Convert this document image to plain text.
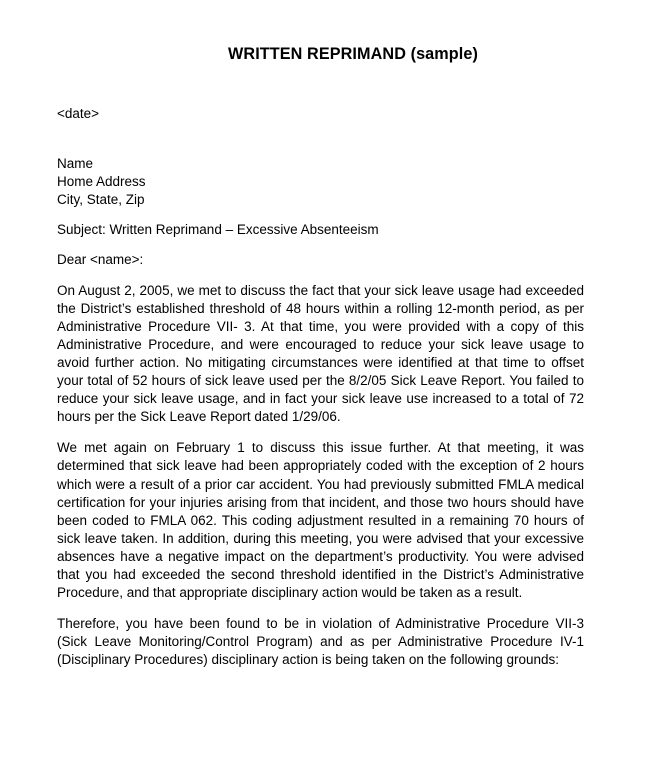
WRITTEN REPRIMAND (sample)
<date>
Name
Home Address
City, State, Zip
Subject: Written Reprimand – Excessive Absenteeism
Dear <name>:

On August 2, 2005, we met to discuss the fact that your sick leave usage had exceeded the District’s established threshold of 48 hours within a rolling 12-month period, as per Administrative Procedure VII- 3. At that time, you were provided with a copy of this Administrative Procedure, and were encouraged to reduce your sick leave usage to avoid further action. No mitigating circumstances were identified at that time to offset your total of 52 hours of sick leave used per the 8/2/05 Sick Leave Report. You failed to reduce your sick leave usage, and in fact your sick leave use increased to a total of 72 hours per the Sick Leave Report dated 1/29/06.

We met again on February 1 to discuss this issue further. At that meeting, it was determined that sick leave had been appropriately coded with the exception of 2 hours which were a result of a prior car accident. You had previously submitted FMLA medical certification for your injuries arising from that incident, and those two hours should have been coded to FMLA 062. This coding adjustment resulted in a remaining 70 hours of sick leave taken. In addition, during this meeting, you were advised that your excessive absences have a negative impact on the department’s productivity. You were advised that you had exceeded the second threshold identified in the District’s Administrative Procedure, and that appropriate disciplinary action would be taken as a result.

Therefore, you have been found to be in violation of Administrative Procedure VII-3 (Sick Leave Monitoring/Control Program) and as per Administrative Procedure IV-1 (Disciplinary Procedures) disciplinary action is being taken on the following grounds:
